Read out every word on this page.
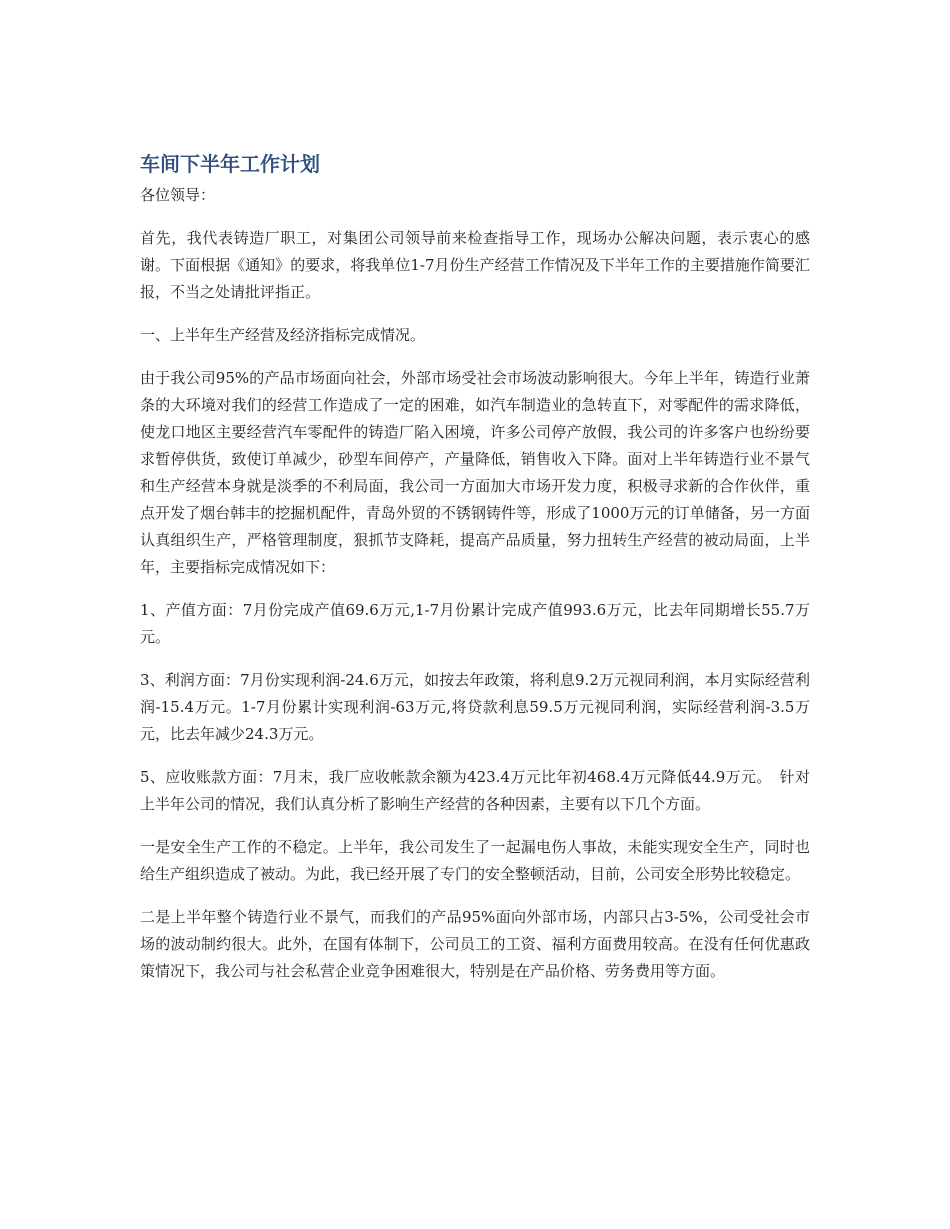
车间下半年工作计划

各位领导：

首先，我代表铸造厂职工，对集团公司领导前来检查指导工作，现场办公解决问题，表示衷心的感谢。下面根据《通知》的要求，将我单位1-7月份生产经营工作情况及下半年工作的主要措施作简要汇报，不当之处请批评指正。

一、上半年生产经营及经济指标完成情况。

由于我公司95%的产品市场面向社会，外部市场受社会市场波动影响很大。今年上半年，铸造行业萧条的大环境对我们的经营工作造成了一定的困难，如汽车制造业的急转直下，对零配件的需求降低，使龙口地区主要经营汽车零配件的铸造厂陷入困境，许多公司停产放假，我公司的许多客户也纷纷要求暂停供货，致使订单减少，砂型车间停产，产量降低，销售收入下降。面对上半年铸造行业不景气和生产经营本身就是淡季的不利局面，我公司一方面加大市场开发力度，积极寻求新的合作伙伴，重点开发了烟台韩丰的挖掘机配件，青岛外贸的不锈钢铸件等，形成了1000万元的订单储备，另一方面认真组织生产，严格管理制度，狠抓节支降耗，提高产品质量，努力扭转生产经营的被动局面，上半年，主要指标完成情况如下：

1、产值方面：7月份完成产值69.6万元,1-7月份累计完成产值993.6万元，比去年同期增长55.7万元。

3、利润方面：7月份实现利润-24.6万元，如按去年政策，将利息9.2万元视同利润，本月实际经营利润-15.4万元。1-7月份累计实现利润-63万元,将贷款利息59.5万元视同利润，实际经营利润-3.5万元，比去年减少24.3万元。

5、应收账款方面：7月末，我厂应收帐款余额为423.4万元比年初468.4万元降低44.9万元。　针对上半年公司的情况，我们认真分析了影响生产经营的各种因素，主要有以下几个方面。

一是安全生产工作的不稳定。上半年，我公司发生了一起漏电伤人事故，未能实现安全生产，同时也给生产组织造成了被动。为此，我已经开展了专门的安全整顿活动，目前，公司安全形势比较稳定。

二是上半年整个铸造行业不景气，而我们的产品95%面向外部市场，内部只占3-5%，公司受社会市场的波动制约很大。此外，在国有体制下，公司员工的工资、福利方面费用较高。在没有任何优惠政策情况下，我公司与社会私营企业竞争困难很大，特别是在产品价格、劳务费用等方面。
